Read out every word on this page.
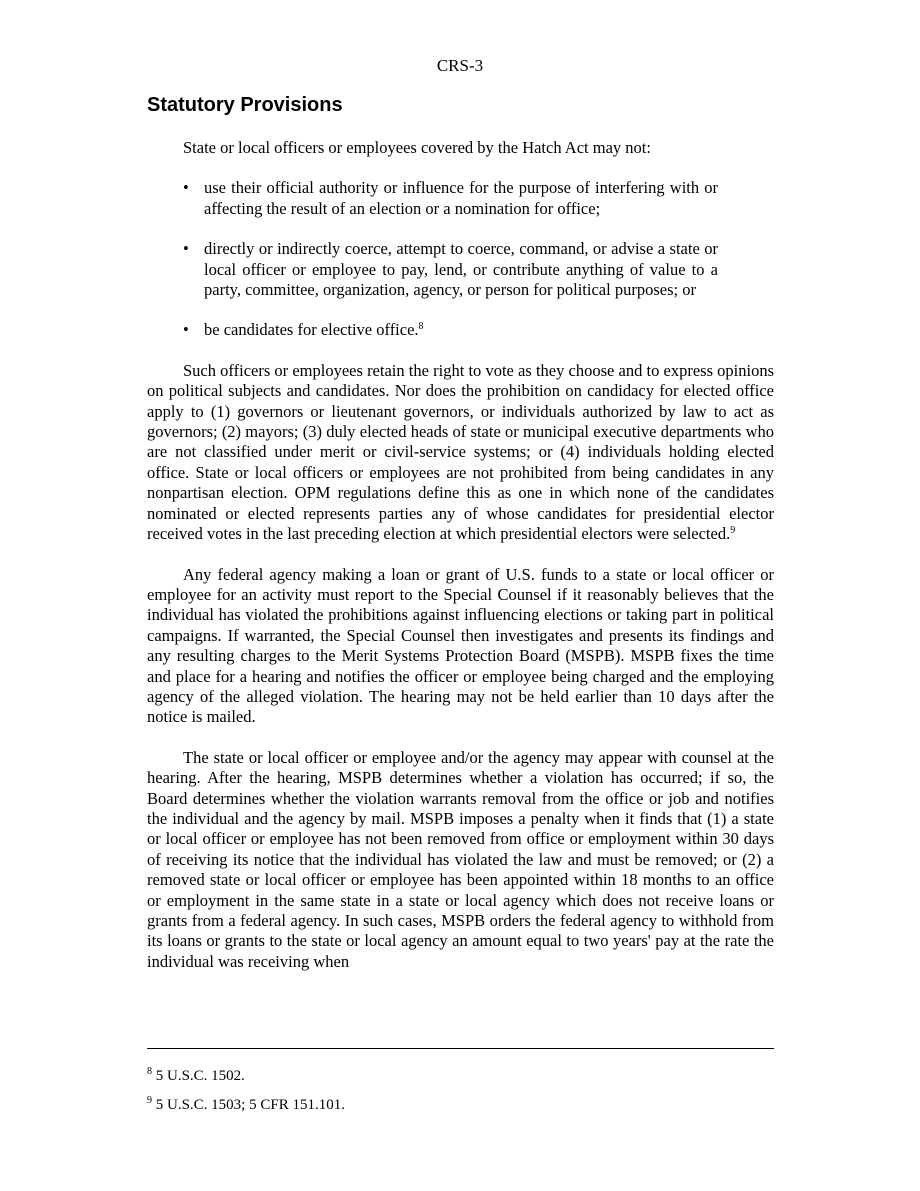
CRS-3
Statutory Provisions

State or local officers or employees covered by the Hatch Act may not:

• use their official authority or influence for the purpose of interfering with or affecting the result of an election or a nomination for office;
• directly or indirectly coerce, attempt to coerce, command, or advise a state or local officer or employee to pay, lend, or contribute anything of value to a party, committee, organization, agency, or person for political purposes; or
• be candidates for elective office.$^8$

Such officers or employees retain the right to vote as they choose and to express opinions on political subjects and candidates. Nor does the prohibition on candidacy for elected office apply to (1) governors or lieutenant governors, or individuals authorized by law to act as governors; (2) mayors; (3) duly elected heads of state or municipal executive departments who are not classified under merit or civil-service systems; or (4) individuals holding elected office. State or local officers or employees are not prohibited from being candidates in any nonpartisan election. OPM regulations define this as one in which none of the candidates nominated or elected represents parties any of whose candidates for presidential elector received votes in the last preceding election at which presidential electors were selected.$^9$

Any federal agency making a loan or grant of U.S. funds to a state or local officer or employee for an activity must report to the Special Counsel if it reasonably believes that the individual has violated the prohibitions against influencing elections or taking part in political campaigns. If warranted, the Special Counsel then investigates and presents its findings and any resulting charges to the Merit Systems Protection Board (MSPB). MSPB fixes the time and place for a hearing and notifies the officer or employee being charged and the employing agency of the alleged violation. The hearing may not be held earlier than 10 days after the notice is mailed.

The state or local officer or employee and/or the agency may appear with counsel at the hearing. After the hearing, MSPB determines whether a violation has occurred; if so, the Board determines whether the violation warrants removal from the office or job and notifies the individual and the agency by mail. MSPB imposes a penalty when it finds that (1) a state or local officer or employee has not been removed from office or employment within 30 days of receiving its notice that the individual has violated the law and must be removed; or (2) a removed state or local officer or employee has been appointed within 18 months to an office or employment in the same state in a state or local agency which does not receive loans or grants from a federal agency. In such cases, MSPB orders the federal agency to withhold from its loans or grants to the state or local agency an amount equal to two years' pay at the rate the individual was receiving when

$^8$ 5 U.S.C. 1502.
$^9$ 5 U.S.C. 1503; 5 CFR 151.101.
